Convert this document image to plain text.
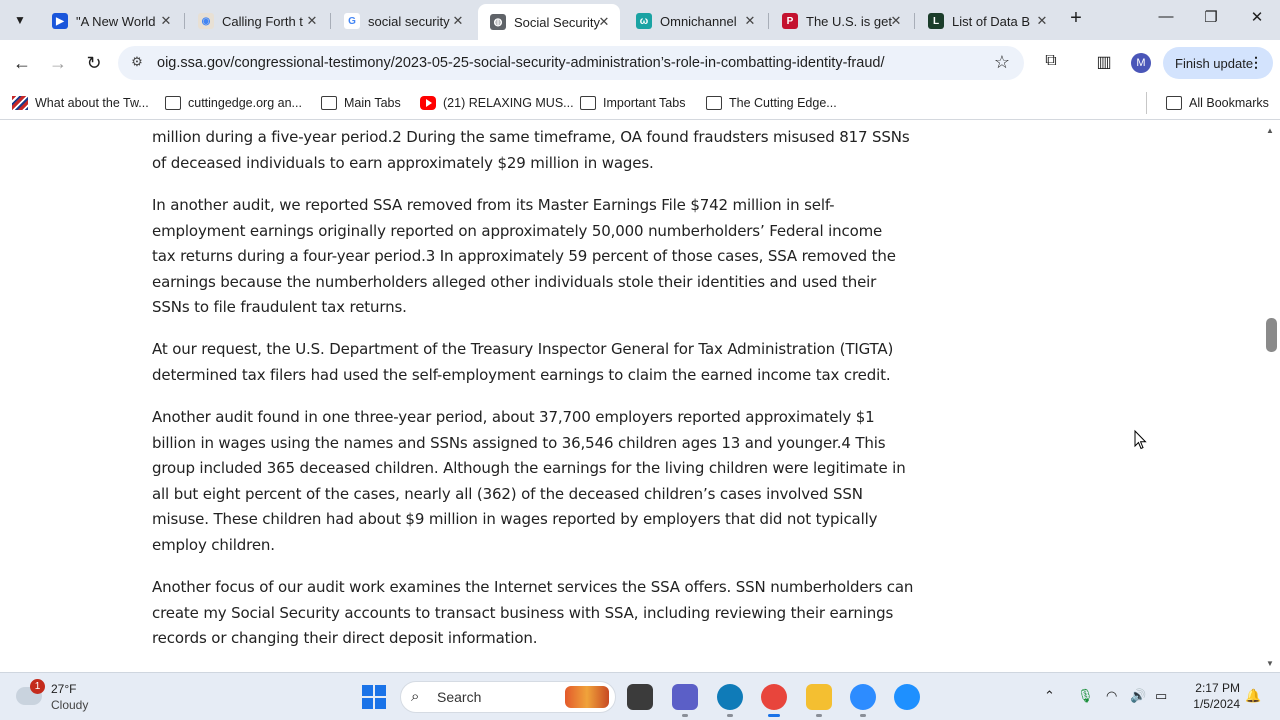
▼	▶ "A New World ✕	◉ Calling Forth t ✕	G social security ✕	◍ Social Security
✕	ω Omnichannel ✕	P The U.S. is get
✕	L List of Data B ✕ +	—	❐	✕
← → ↻	⚙ oig.ssa.gov/congressional-testimony/2023-05-25-social-security-administration’s-role-in-combatting-identity-fraud/	☆	⧉	▥	M	Finish update
⋮
What about the Tw...	cuttingedge.org an...	Main Tabs	(21) RELAXING MUS... Important Tabs	The Cutting Edge...	All Bookmarks
million during a five-year period.2 During the same timeframe, OA found fraudsters misused 817 SSNs
of deceased individuals to earn approximately $29 million in wages.
In another audit, we reported SSA removed from its Master Earnings File $742 million in self-
employment earnings originally reported on approximately 50,000 numberholders’ Federal income
tax returns during a four-year period.3 In approximately 59 percent of those cases, SSA removed the
earnings because the numberholders alleged other individuals stole their identities and used their
SSNs to file fraudulent tax returns.
At our request, the U.S. Department of the Treasury Inspector General for Tax Administration (TIGTA)
determined tax filers had used the self-employment earnings to claim the earned income tax credit.
Another audit found in one three-year period, about 37,700 employers reported approximately $1
billion in wages using the names and SSNs assigned to 36,546 children ages 13 and younger.4 This
group included 365 deceased children. Although the earnings for the living children were legitimate in
all but eight percent of the cases, nearly all (362) of the deceased children’s cases involved SSN
misuse. These children had about $9 million in wages reported by employers that did not typically
employ children.
Another focus of our audit work examines the Internet services the SSA offers. SSN numberholders can
create my Social Security accounts to transact business with SSA, including reviewing their earnings
records or changing their direct deposit information.
▲
▼
1 27°F
Cloudy	⌕ Search	⌃ 🎙 ◠ 🔊 ▭	2:17 PM
1/5/2024
🔔
